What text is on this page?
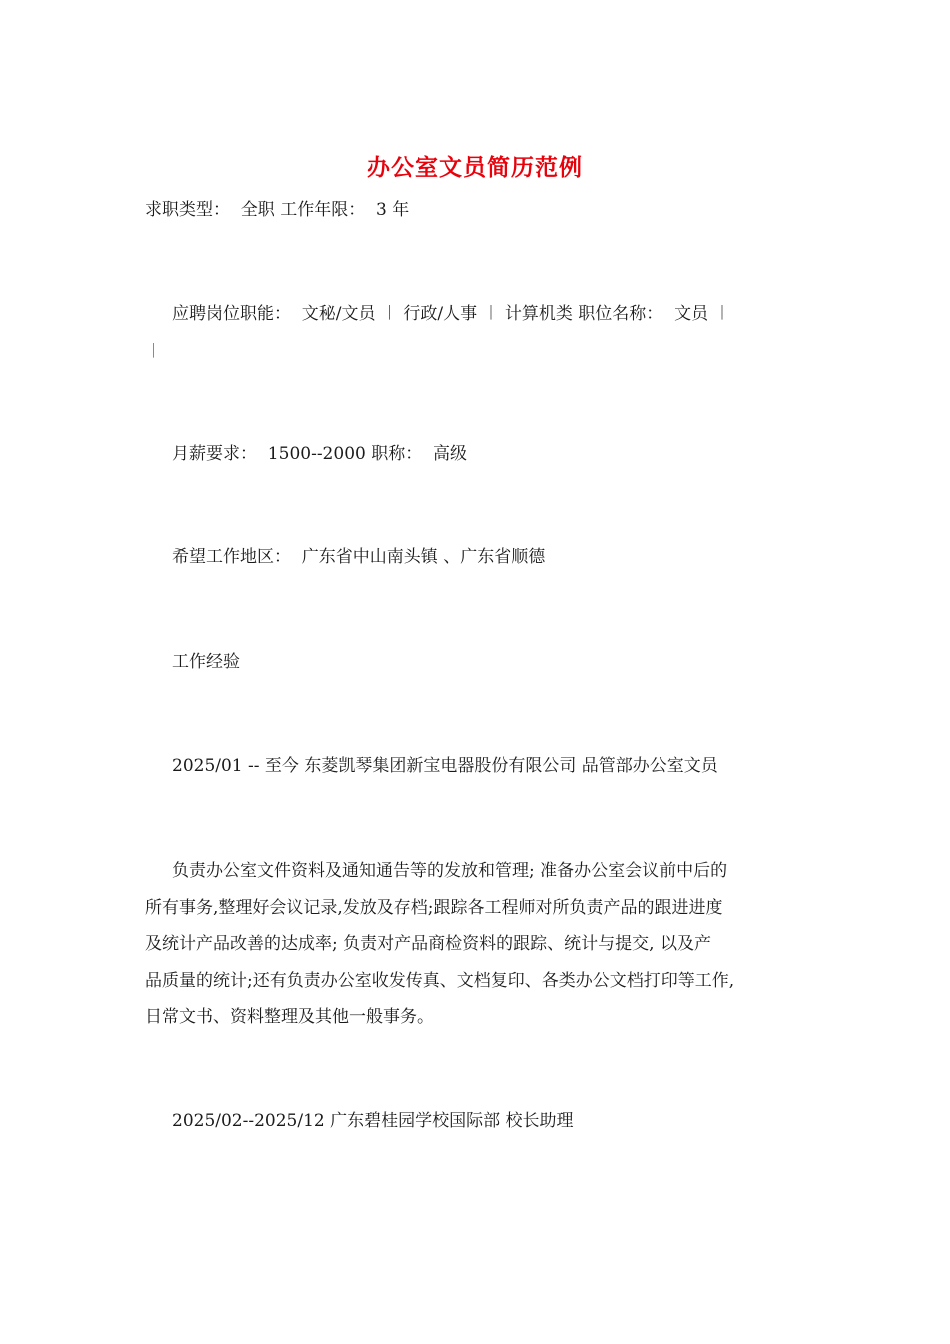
办公室文员简历范例
求职类型：  全职 工作年限：  3 年
应聘岗位职能：  文秘/文员 ︱ 行政/人事 ︱ 计算机类 职位名称：  文员 ︱
︱
月薪要求：  1500--2000 职称：  高级
希望工作地区：  广东省中山南头镇 、广东省顺德
工作经验
2025/01 -- 至今 东菱凯琴集团新宝电器股份有限公司 品管部办公室文员
负责办公室文件资料及通知通告等的发放和管理; 准备办公室会议前中后的
所有事务,整理好会议记录,发放及存档;跟踪各工程师对所负责产品的跟进进度
及统计产品改善的达成率; 负责对产品商检资料的跟踪、统计与提交, 以及产
品质量的统计;还有负责办公室收发传真、文档复印、各类办公文档打印等工作,
日常文书、资料整理及其他一般事务。
2025/02--2025/12 广东碧桂园学校国际部 校长助理
